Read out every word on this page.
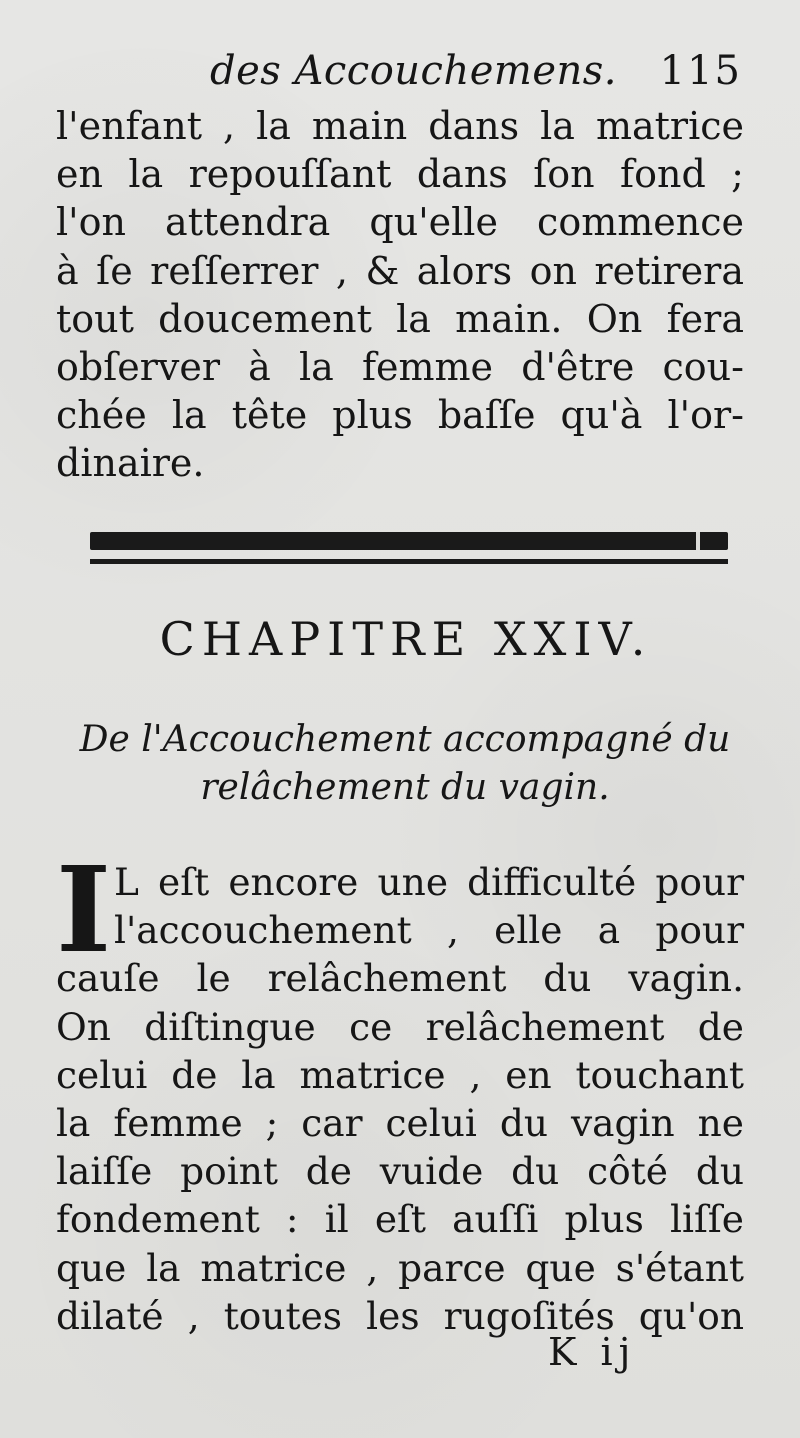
des Accouchemens. 115
l'enfant , la main dans la matrice
en la repouſſant dans ſon fond ;
l'on attendra qu'elle commence
à ſe reſſerrer , & alors on retirera
tout doucement la main. On fera
obſerver à la femme d'être cou-
chée la tête plus baſſe qu'à l'or-
dinaire.
CHAPITRE XXIV.
De l'Accouchement accompagné du
relâchement du vagin.
I L eſt encore une difficulté pour
l'accouchement , elle a pour
cauſe le relâchement du vagin.
On diſtingue ce relâchement de
celui de la matrice , en touchant
la femme ; car celui du vagin ne
laiſſe point de vuide du côté du
fondement : il eſt auſſi plus liſſe
que la matrice , parce que s'étant
dilaté , toutes les rugoſités qu'on
K ij
